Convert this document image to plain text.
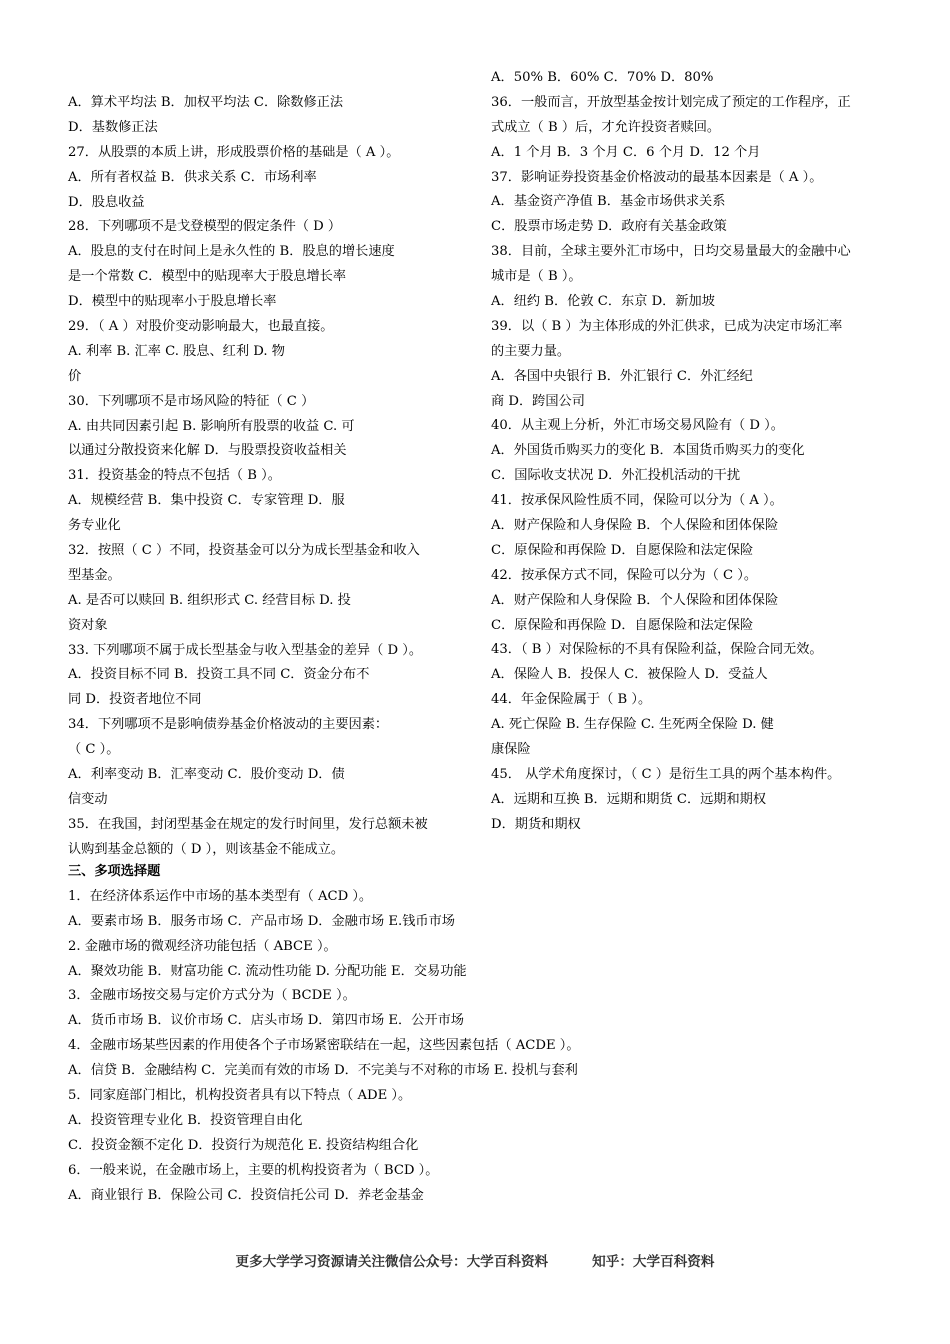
A．算术平均法 B．加权平均法 C．除数修正法
D．基数修正法
27．从股票的本质上讲，形成股票价格的基础是（ A ）。
A．所有者权益 B．供求关系 C．市场利率
D．股息收益
28．下列哪项不是戈登模型的假定条件（ D ）
A．股息的支付在时间上是永久性的 B．股息的增长速度
是一个常数 C．模型中的贴现率大于股息增长率
D．模型中的贴现率小于股息增长率
29．（ A ）对股价变动影响最大，也最直接。
A. 利率 B. 汇率 C. 股息、红利 D. 物
价
30．下列哪项不是市场风险的特征（ C ）
A. 由共同因素引起 B. 影响所有股票的收益 C. 可
以通过分散投资来化解 D．与股票投资收益相关
31．投资基金的特点不包括（ B ）。
A．规模经营 B．集中投资 C．专家管理 D．服
务专业化
32．按照（ C ）不同，投资基金可以分为成长型基金和收入
型基金。
A. 是否可以赎回 B. 组织形式 C. 经营目标 D. 投
资对象
33. 下列哪项不属于成长型基金与收入型基金的差异（ D ）。
A．投资目标不同 B．投资工具不同 C．资金分布不
同 D．投资者地位不同
34．下列哪项不是影响债券基金价格波动的主要因素：
（ C ）。
A．利率变动 B．汇率变动 C．股价变动 D．债
信变动
35．在我国，封闭型基金在规定的发行时间里，发行总额未被
认购到基金总额的（ D ），则该基金不能成立。
A．50% B．60% C．70% D．80%
36．一般而言，开放型基金按计划完成了预定的工作程序，正
式成立（ B ）后，才允许投资者赎回。
A．1 个月 B．3 个月 C．6 个月 D．12 个月
37．影响证券投资基金价格波动的最基本因素是（ A ）。
A．基金资产净值 B．基金市场供求关系
C．股票市场走势 D．政府有关基金政策
38．目前，全球主要外汇市场中，日均交易量最大的金融中心
城市是（ B ）。
A．纽约 B．伦敦 C．东京 D．新加坡
39．以（ B ）为主体形成的外汇供求，已成为决定市场汇率
的主要力量。
A．各国中央银行 B．外汇银行 C．外汇经纪
商 D．跨国公司
40．从主观上分析，外汇市场交易风险有（ D ）。
A．外国货币购买力的变化 B．本国货币购买力的变化
C．国际收支状况 D．外汇投机活动的干扰
41．按承保风险性质不同，保险可以分为（ A ）。
A．财产保险和人身保险 B．个人保险和团体保险
C．原保险和再保险 D．自愿保险和法定保险
42．按承保方式不同，保险可以分为（ C ）。
A．财产保险和人身保险 B．个人保险和团体保险
C．原保险和再保险 D．自愿保险和法定保险
43．（ B ）对保险标的不具有保险利益，保险合同无效。
A．保险人 B．投保人 C．被保险人 D．受益人
44．年金保险属于（ B ）。
A. 死亡保险 B. 生存保险 C. 生死两全保险 D. 健
康保险
45． 从学术角度探讨，（ C ）是衍生工具的两个基本构件。
A．远期和互换 B．远期和期货 C．远期和期权
D．期货和期权
三、多项选择题
1．在经济体系运作中市场的基本类型有（ ACD ）。
A．要素市场 B．服务市场 C．产品市场 D．金融市场 E.钱币市场
2. 金融市场的微观经济功能包括（ ABCE ）。
A．聚效功能 B．财富功能 C. 流动性功能 D. 分配功能 E．交易功能
3．金融市场按交易与定价方式分为（ BCDE ）。
A．货币市场 B．议价市场 C．店头市场 D．第四市场 E．公开市场
4．金融市场某些因素的作用使各个子市场紧密联结在一起，这些因素包括（ ACDE ）。
A．信贷 B．金融结构 C．完美而有效的市场 D．不完美与不对称的市场 E. 投机与套利
5．同家庭部门相比，机构投资者具有以下特点（ ADE ）。
A．投资管理专业化 B．投资管理自由化
C．投资金额不定化 D．投资行为规范化 E. 投资结构组合化
6．一般来说，在金融市场上，主要的机构投资者为（ BCD ）。
A．商业银行 B．保险公司 C．投资信托公司 D．养老金基金
更多大学学习资源请关注微信公众号：大学百科资料	知乎：大学百科资料
